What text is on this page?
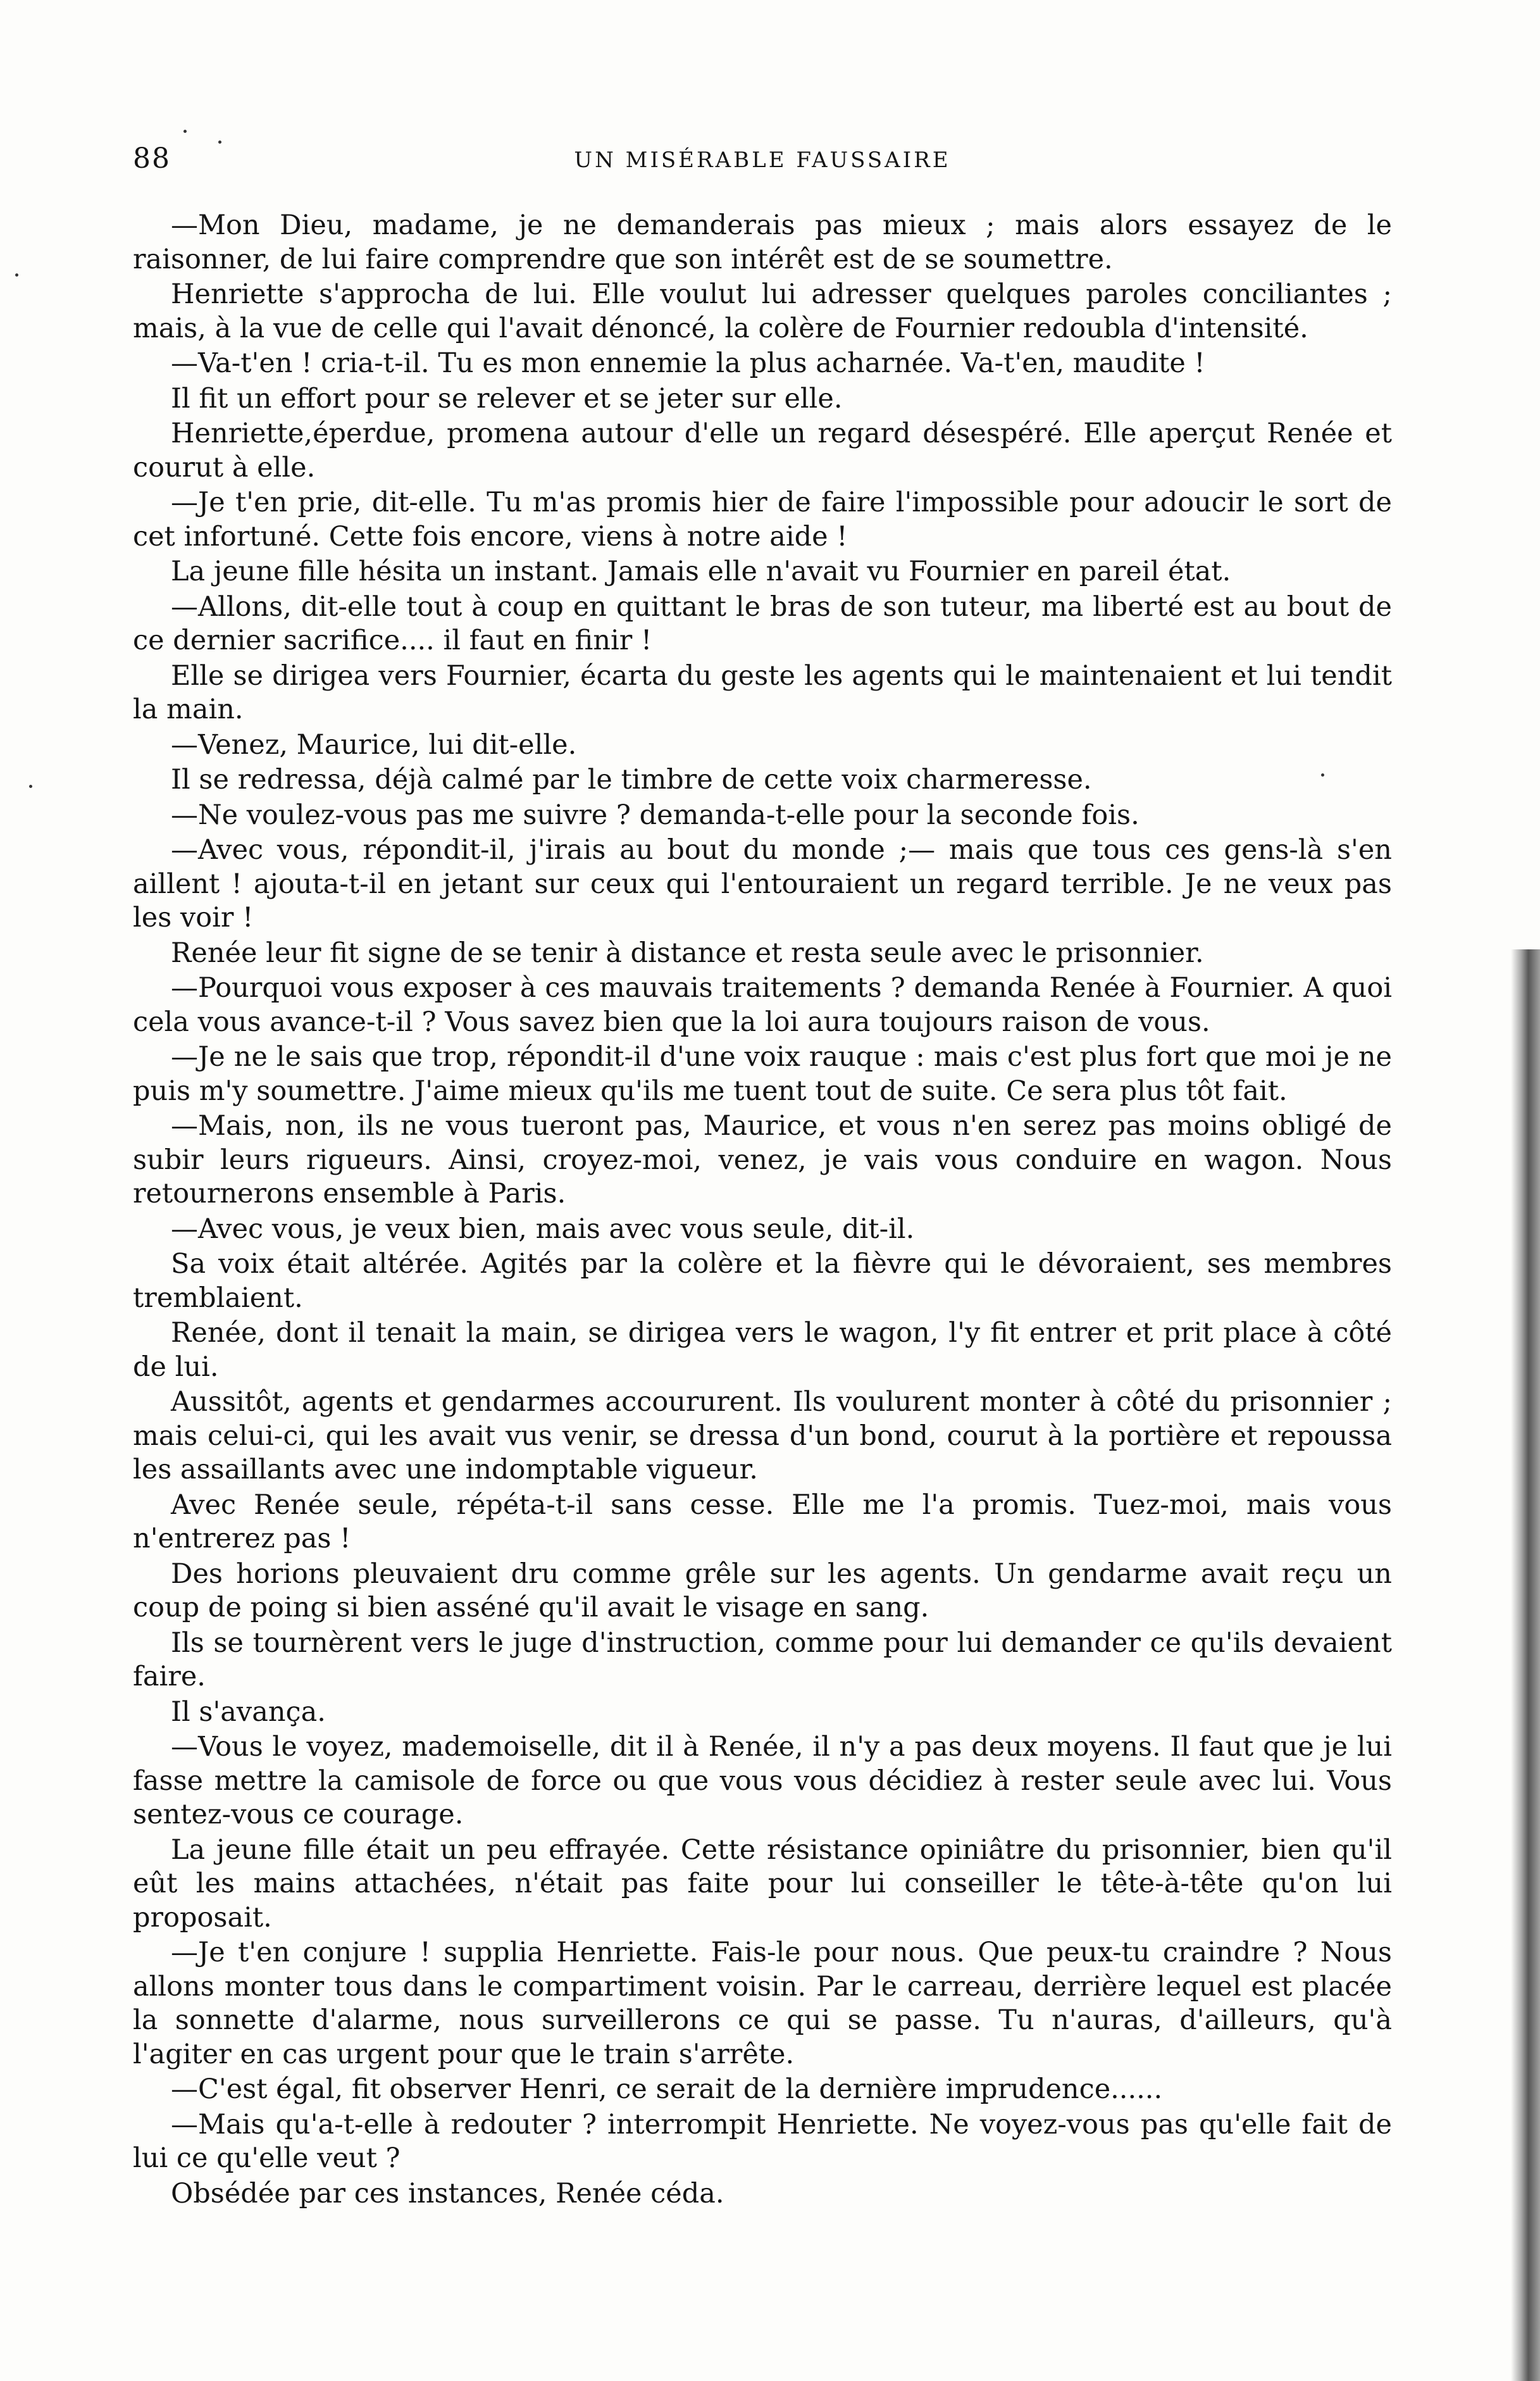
88	UN MISÉRABLE FAUSSAIRE

—Mon Dieu, madame, je ne demanderais pas mieux ; mais alors essayez de le raisonner, de lui faire comprendre que son intérêt est de se soumettre.

Henriette s'approcha de lui. Elle voulut lui adresser quelques paroles conciliantes ; mais, à la vue de celle qui l'avait dénoncé, la colère de Fournier redoubla d'intensité.

—Va-t'en ! cria-t-il. Tu es mon ennemie la plus acharnée. Va-t'en, maudite !

Il fit un effort pour se relever et se jeter sur elle.

Henriette,éperdue, promena autour d'elle un regard désespéré. Elle aperçut Renée et courut à elle.

—Je t'en prie, dit-elle. Tu m'as promis hier de faire l'impossible pour adoucir le sort de cet infortuné. Cette fois encore, viens à notre aide !

La jeune fille hésita un instant. Jamais elle n'avait vu Fournier en pareil état.

—Allons, dit-elle tout à coup en quittant le bras de son tuteur, ma liberté est au bout de ce dernier sacrifice.... il faut en finir !

Elle se dirigea vers Fournier, écarta du geste les agents qui le maintenaient et lui tendit la main.

—Venez, Maurice, lui dit-elle.

Il se redressa, déjà calmé par le timbre de cette voix charmeresse.

—Ne voulez-vous pas me suivre ? demanda-t-elle pour la seconde fois.

—Avec vous, répondit-il, j'irais au bout du monde ;— mais que tous ces gens-là s'en aillent ! ajouta-t-il en jetant sur ceux qui l'entouraient un regard terrible. Je ne veux pas les voir !

Renée leur fit signe de se tenir à distance et resta seule avec le prisonnier.

—Pourquoi vous exposer à ces mauvais traitements ? demanda Renée à Fournier. A quoi cela vous avance-t-il ? Vous savez bien que la loi aura toujours raison de vous.

—Je ne le sais que trop, répondit-il d'une voix rauque : mais c'est plus fort que moi je ne puis m'y soumettre. J'aime mieux qu'ils me tuent tout de suite. Ce sera plus tôt fait.

—Mais, non, ils ne vous tueront pas, Maurice, et vous n'en serez pas moins obligé de subir leurs rigueurs. Ainsi, croyez-moi, venez, je vais vous conduire en wagon. Nous retournerons ensemble à Paris.

—Avec vous, je veux bien, mais avec vous seule, dit-il.

Sa voix était altérée. Agités par la colère et la fièvre qui le dévoraient, ses membres tremblaient.

Renée, dont il tenait la main, se dirigea vers le wagon, l'y fit entrer et prit place à côté de lui.

Aussitôt, agents et gendarmes accoururent. Ils voulurent monter à côté du prisonnier ; mais celui-ci, qui les avait vus venir, se dressa d'un bond, courut à la portière et repoussa les assaillants avec une indomptable vigueur.

Avec Renée seule, répéta-t-il sans cesse. Elle me l'a promis. Tuez-moi, mais vous n'entrerez pas !

Des horions pleuvaient dru comme grêle sur les agents. Un gendarme avait reçu un coup de poing si bien asséné qu'il avait le visage en sang.

Ils se tournèrent vers le juge d'instruction, comme pour lui demander ce qu'ils devaient faire.

Il s'avança.

—Vous le voyez, mademoiselle, dit il à Renée, il n'y a pas deux moyens. Il faut que je lui fasse mettre la camisole de force ou que vous vous décidiez à rester seule avec lui. Vous sentez-vous ce courage.

La jeune fille était un peu effrayée. Cette résistance opiniâtre du prisonnier, bien qu'il eût les mains attachées, n'était pas faite pour lui conseiller le tête-à-tête qu'on lui proposait.

—Je t'en conjure ! supplia Henriette. Fais-le pour nous. Que peux-tu craindre ? Nous allons monter tous dans le compartiment voisin. Par le carreau, derrière lequel est placée la sonnette d'alarme, nous surveillerons ce qui se passe. Tu n'auras, d'ailleurs, qu'à l'agiter en cas urgent pour que le train s'arrête.

—C'est égal, fit observer Henri, ce serait de la dernière imprudence......

—Mais qu'a-t-elle à redouter ? interrompit Henriette. Ne voyez-vous pas qu'elle fait de lui ce qu'elle veut ?

Obsédée par ces instances, Renée céda.
